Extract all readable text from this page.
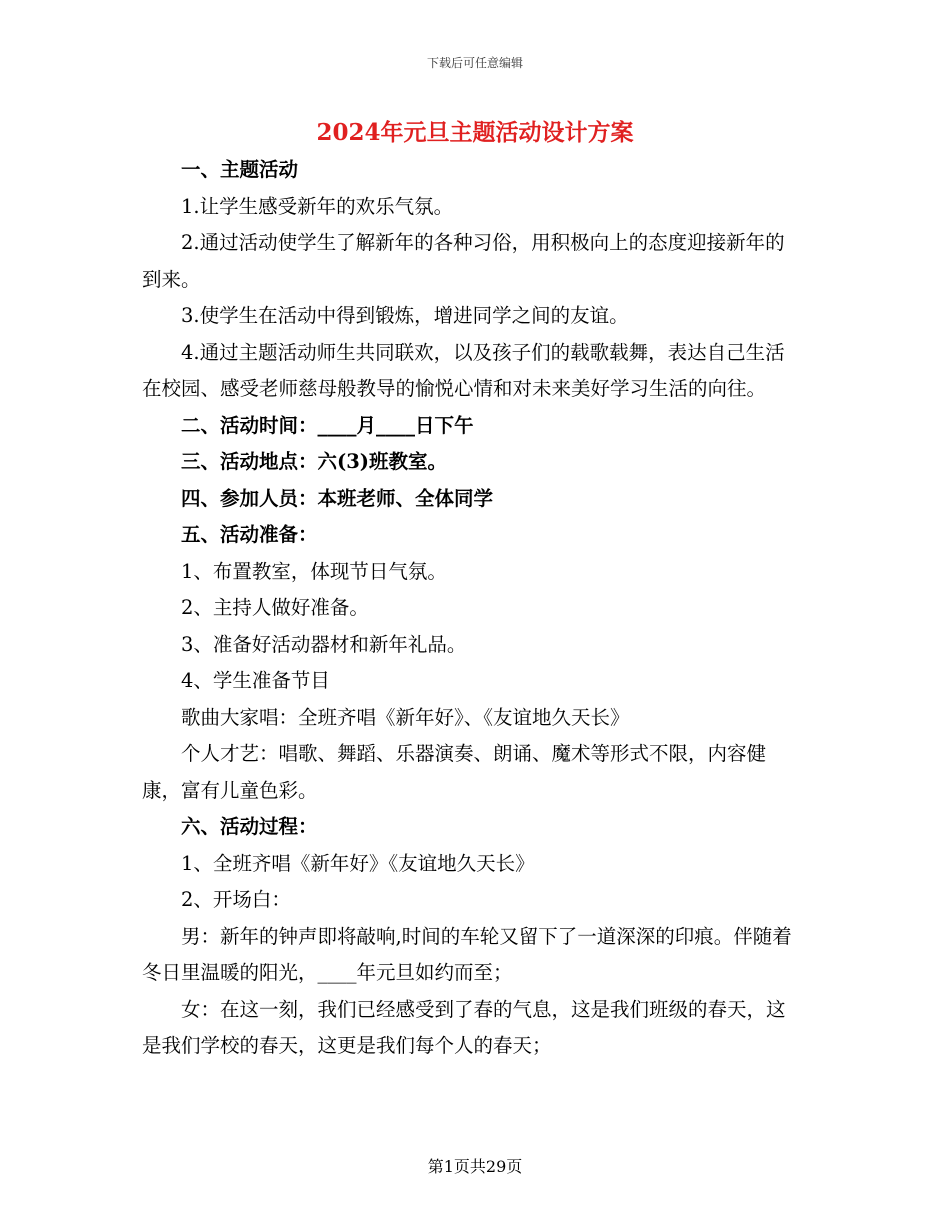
下载后可任意编辑
2024年元旦主题活动设计方案

一、主题活动

1.让学生感受新年的欢乐气氛。

2.通过活动使学生了解新年的各种习俗，用积极向上的态度迎接新年的到来。

3.使学生在活动中得到锻炼，增进同学之间的友谊。

4.通过主题活动师生共同联欢，以及孩子们的载歌载舞，表达自己生活在校园、感受老师慈母般教导的愉悦心情和对未来美好学习生活的向往。

二、活动时间：____月____日下午

三、活动地点：六(3)班教室。

四、参加人员：本班老师、全体同学

五、活动准备：

1、布置教室，体现节日气氛。

2、主持人做好准备。

3、准备好活动器材和新年礼品。

4、学生准备节目

歌曲大家唱：全班齐唱《新年好》、《友谊地久天长》

个人才艺：唱歌、舞蹈、乐器演奏、朗诵、魔术等形式不限，内容健康，富有儿童色彩。

六、活动过程：

1、全班齐唱《新年好》《友谊地久天长》

2、开场白：

男：新年的钟声即将敲响,时间的车轮又留下了一道深深的印痕。伴随着冬日里温暖的阳光，____年元旦如约而至；

女：在这一刻，我们已经感受到了春的气息，这是我们班级的春天，这是我们学校的春天，这更是我们每个人的春天；

第1页共29页
